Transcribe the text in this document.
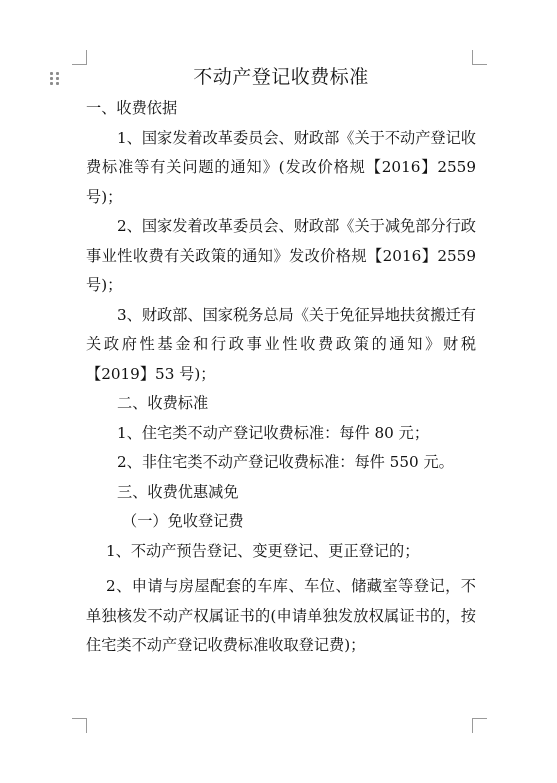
不动产登记收费标准

一、收费依据

1、国家发着改革委员会、财政部《关于不动产登记收费标准等有关问题的通知》(发改价格规【2016】2559 号)；

2、国家发着改革委员会、财政部《关于减免部分行政事业性收费有关政策的通知》发改价格规【2016】2559 号)；

3、财政部、国家税务总局《关于免征异地扶贫搬迁有关政府性基金和行政事业性收费政策的通知》财税【2019】53 号)；

二、收费标准

1、住宅类不动产登记收费标准：每件 80 元；

2、非住宅类不动产登记收费标准：每件 550 元。

三、收费优惠减免

（一）免收登记费

1、不动产预告登记、变更登记、更正登记的；

2、申请与房屋配套的车库、车位、储藏室等登记，不单独核发不动产权属证书的(申请单独发放权属证书的，按住宅类不动产登记收费标准收取登记费)；
